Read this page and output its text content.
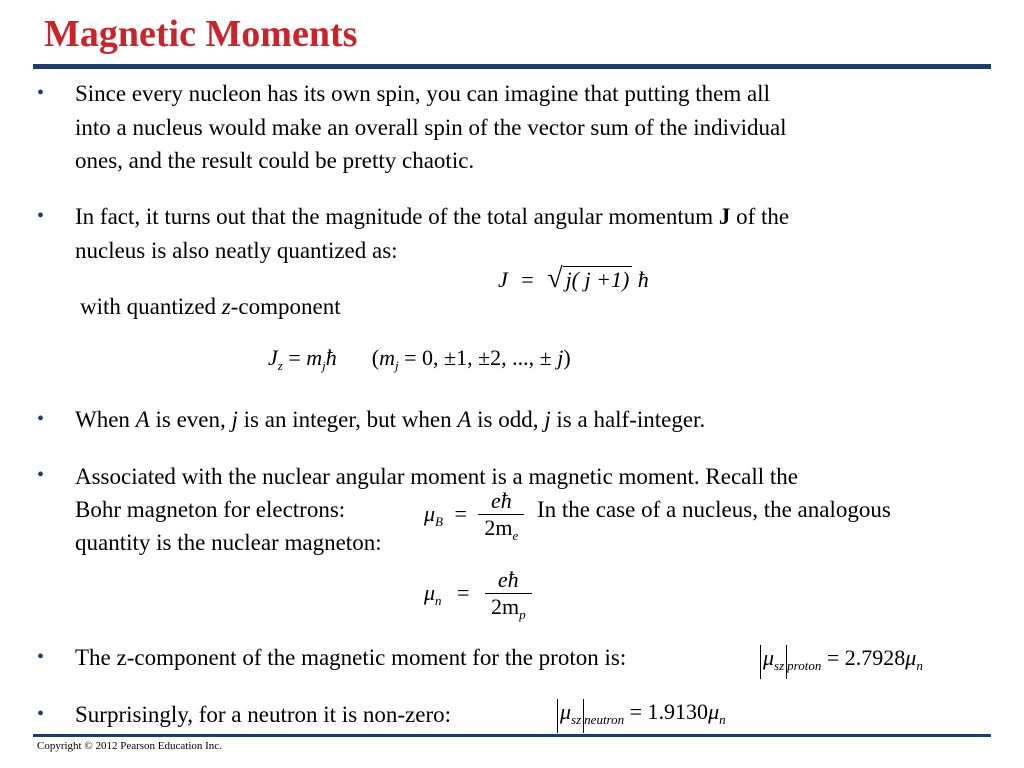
Magnetic Moments
• Since every nucleon has its own spin, you can imagine that putting them all
into a nucleus would make an overall spin of the vector sum of the individual
ones, and the result could be pretty chaotic.
• In fact, it turns out that the magnitude of the total angular momentum J of the
nucleus is also neatly quantized as:
J = √ j( j +1) ħ
with quantized z-component
$J_z$ = $m_jħ$ ($m_j = 0$, ±1, ±2, ..., ± j)
• When A is even, j is an integer, but when A is odd, j is a half-integer.
• Associated with the nuclear angular moment is a magnetic moment. Recall the
Bohr magneton for electrons:	In the case of a nucleus, the analogous
quantity is the nuclear magneton:
$\mu_B = \frac{eħ}{2m_e}$
$\mu_n = \frac{eħ}{2m_p}$
• The z-component of the magnetic moment for the proton is:	$\mu_{sz}$ $_{proton} = 2.7928\mu_n$
• Surprisingly, for a neutron it is non-zero:	$\mu_{sz}$ $_{neutron} = 1.9130\mu_n$
Copyright © 2012 Pearson Education Inc.
